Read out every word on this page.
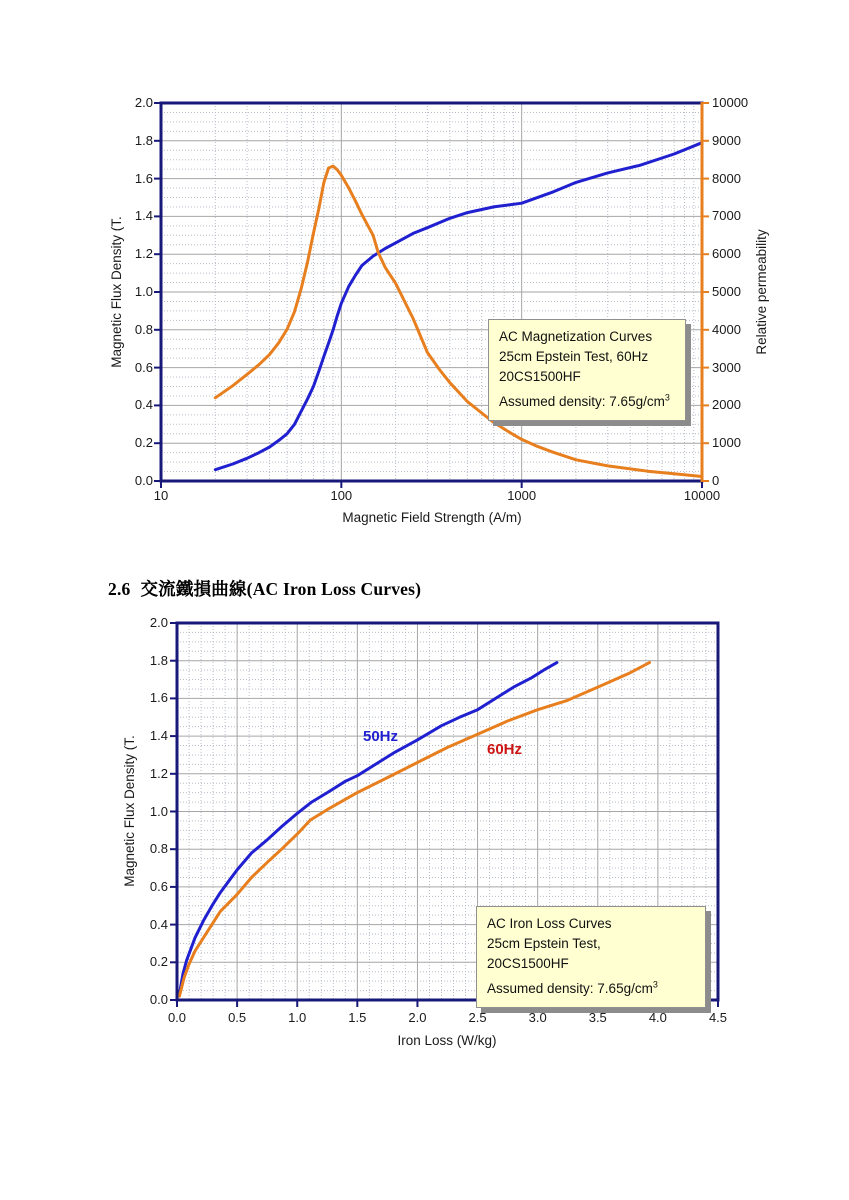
Magnetic Flux Density (T.	Relative permeability
Magnetic Field Strength (A/m)
AC Magnetization Curves
25cm Epstein Test, 60Hz
20CS1500HF
Assumed density: $7.65g/cm^3$
2.6 交流鐵損曲線(AC Iron Loss Curves)
Magnetic Flux Density (T.
Iron Loss (W/kg)
50Hz
60Hz
AC Iron Loss Curves
25cm Epstein Test,
20CS1500HF
Assumed density: $7.65g/cm^3$
2.0
1.8
1.6
1.4
1.2
1.0
0.8
0.6
0.4
0.2
0.0
10000
9000
8000
7000
6000
5000
4000
3000
2000
1000
0
10	100	1000	10000
2.0
1.8
1.6
1.4
1.2
1.0
0.8
0.6
0.4
0.2
0.0
0.0	0.5	1.0	1.5	2.0	2.5	3.0	3.5	4.0	4.5
